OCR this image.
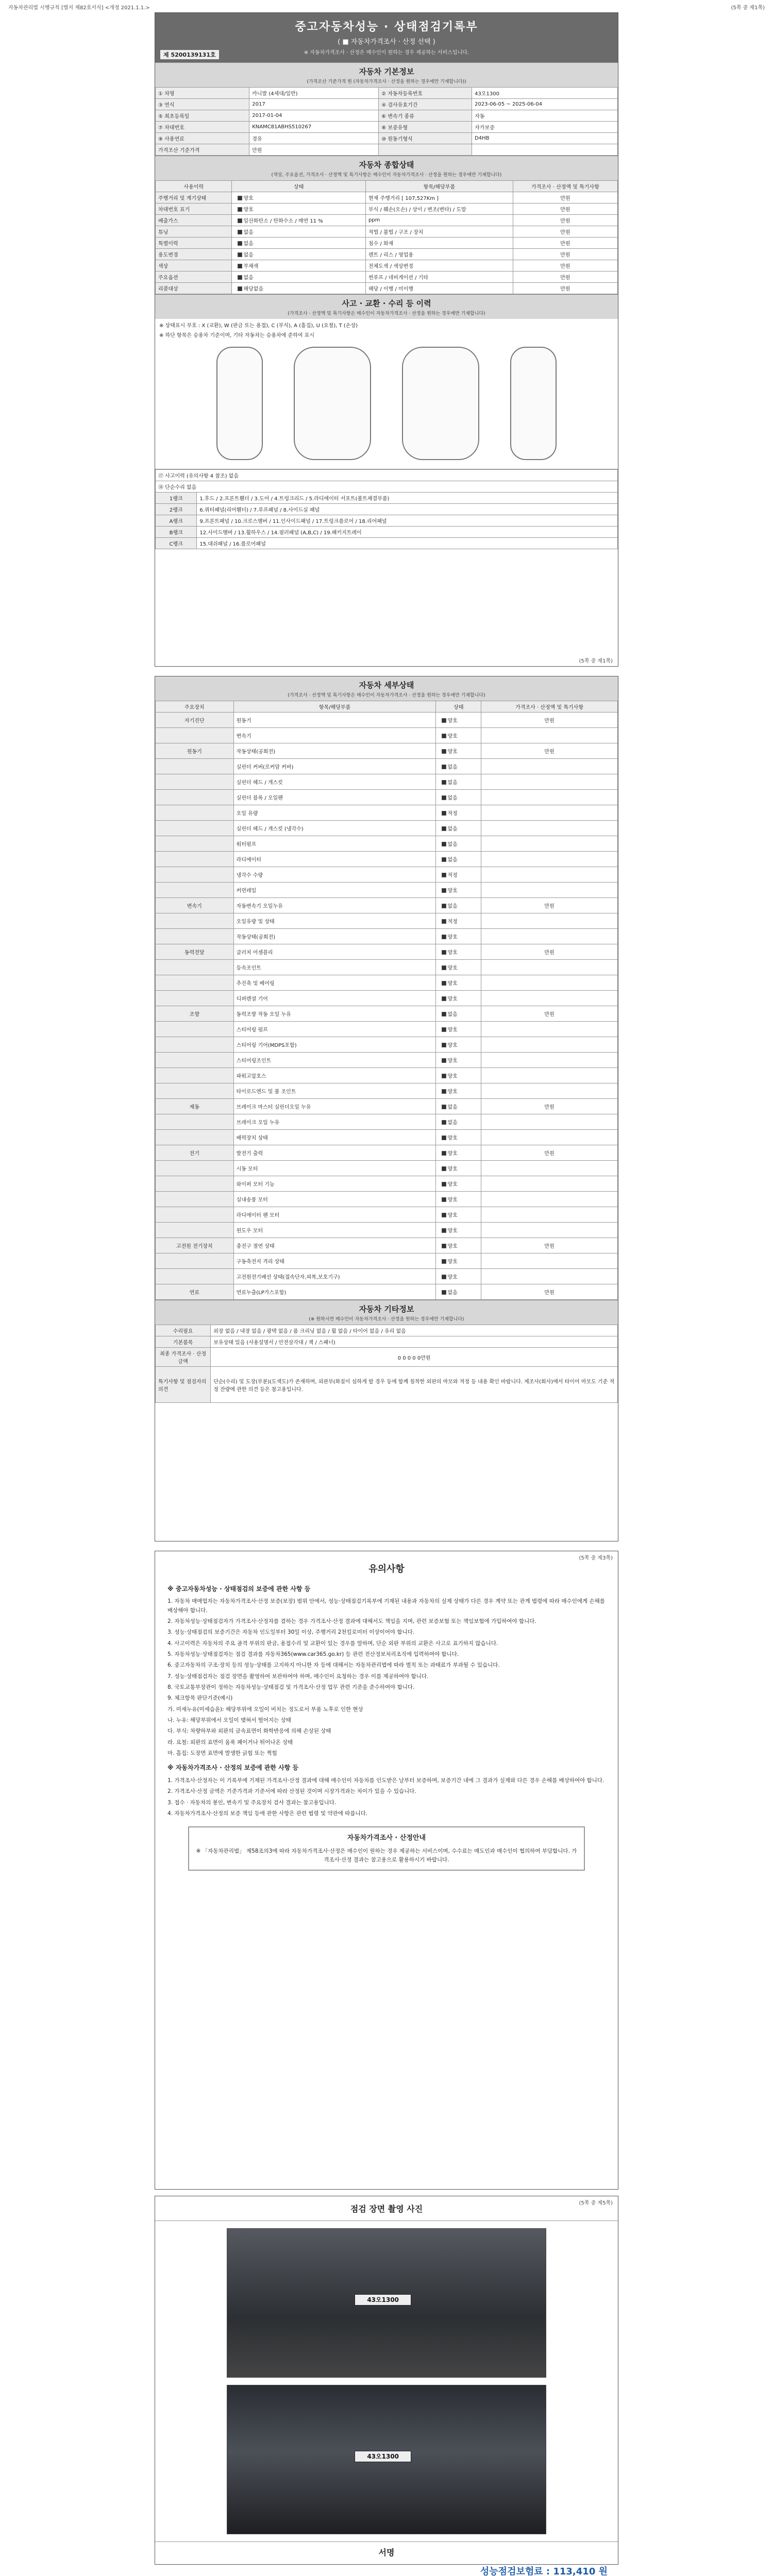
자동차관리법 시행규칙 [별지 제82호서식] <개정 2021.1.1.>	(5쪽 중 제1쪽)
중고자동차성능 · 상태점검기록부
( ■ 자동차가격조사 · 산정 선택 )
※ 자동차가격조사 · 산정은 매수인이 원하는 경우 제공하는 서비스입니다.
제 5200139131호
자동차 기본정보
(가격조산 기준가격 원 (자동차가격조사 · 산정을 원하는 경우에만 기재합니다))
① 차명	카니발 (4세대/일반)	② 자동차등록번호	43오1300
③ 연식	2017	④ 검사유효기간	2023-06-05 ~ 2025-06-04
⑤ 최초등록일	2017-01-04	⑥ 변속기 종류	자동
⑦ 차대번호	KNAMC81ABHS510267	⑧ 보증유형	자가보증
⑨ 사용연료	경유	⑩ 원동기형식	D4HB
가격조산 기준가격	만원		
자동차 종합상태
(색상, 주요옵션, 가격조사 · 산정액 및 특기사항은 매수인이 자동차가격조사 · 산정을 원하는 경우에만 기재합니다)
사용이력	상태	항목/해당부품	가격조사 · 산정액 및 특기사항
주행거리 및 계기상태	양호	현재 주행거리 [ 107,527Km ]	만원
차대번호 표기	양호	부식 / 훼손(오손) / 상이 / 변조(변타) / 도말	만원
배출가스	일산화탄소 / 탄화수소 / 매연 11 %	ppm	만원
튜닝	없음	적법 / 불법 / 구조 / 장치	만원
특별이력	없음	침수 / 화재	만원
용도변경	없음	렌트 / 리스 / 영업용	만원
색상	무채색	전체도색 / 색상변경	만원
주요옵션	없음	썬루프 / 네비게이션 / 기타	만원
리콜대상	해당없음	해당 / 이행 / 미이행	만원
사고 · 교환 · 수리 등 이력
(가격조사 · 산정액 및 특기사항은 매수인이 자동차가격조사 · 산정을 원하는 경우에만 기재합니다)
※ 상태표시 부호 : X (교환), W (판금 또는 용접), C (부식), A (흠집), U (요철), T (손상)
※ 하단 항목은 승용차 기준이며, 기타 자동차는 승용차에 준하여 표시
⑰ 사고이력 (유의사항 4 참조) 없음	
⑱ 단순수리 없음	
1랭크	1.후드 / 2.프론트휀더 / 3.도어 / 4.트렁크리드 / 5.라디에이터 서포트(볼트체결부품)
2랭크	6.쿼터패널(리어휀더) / 7.루프패널 / 8.사이드실 패널
A랭크	9.프론트패널 / 10.크로스멤버 / 11.인사이드패널 / 17.트렁크플로어 / 18.리어패널
B랭크	12.사이드멤버 / 13.휠하우스 / 14.필러패널 (A,B,C) / 19.패키지트레이
C랭크	15.대쉬패널 / 16.플로어패널
(5쪽 중 제1쪽)
자동차 세부상태
(가격조사 · 산정액 및 특기사항은 매수인이 자동차가격조사 · 산정을 원하는 경우에만 기재합니다)
주요장치	항목/해당부품	상태	가격조사 · 산정액 및 특기사항
자기진단	원동기	양호	만원
	변속기	양호	
원동기	작동상태(공회전)	양호	만원
	실린더 커버(로커암 커버)	없음	
	실린더 헤드 / 개스킷	없음	
	실린더 블록 / 오일팬	없음	
	오일 유량	적정	
	실린더 헤드 / 개스킷 (냉각수)	없음	
	워터펌프	없음	
	라디에이터	없음	
	냉각수 수량	적정	
	커먼레일	양호	
변속기	자동변속기 오일누유	없음	만원
	오일유량 및 상태	적정	
	작동상태(공회전)	양호	
동력전달	클러치 어셈블리	양호	만원
	등속조인트	양호	
	추진축 및 베어링	양호	
	디퍼렌셜 기어	양호	
조향	동력조향 작동 오일 누유	없음	만원
	스티어링 펌프	양호	
	스티어링 기어(MDPS포함)	양호	
	스티어링조인트	양호	
	파워고압호스	양호	
	타이로드엔드 및 볼 조인트	양호	
제동	브레이크 마스터 실린더오일 누유	없음	만원
	브레이크 오일 누유	없음	
	배력장치 상태	양호	
전기	발전기 출력	양호	만원
	시동 모터	양호	
	와이퍼 모터 기능	양호	
	실내송풍 모터	양호	
	라디에이터 팬 모터	양호	
	윈도우 모터	양호	
고전원 전기장치	충전구 절연 상태	양호	만원
	구동축전지 격리 상태	양호	
	고전원전기배선 상태(접속단자,피복,보호기구)	양호	
연료	연료누출(LP가스포함)	없음	만원
자동차 기타정보
(※ 원하시면 매수인이 자동차가격조사 · 산정을 원하는 경우에만 기재합니다)
수리필요	외장 없음 / 내장 없음 / 광택 없음 / 룸 크리닝 없음 / 휠 없음 / 타이어 없음 / 유리 없음
기본품목	보유상태 있음 (사용설명서 / 안전삼각대 / 잭 / 스패너)
최종 가격조사 · 산정 금액	0 0 0 0 0만원
특기사항 및 점검자의 의견	단순(수리) 및 도장(부분)(도색도)가 존재하며, 외판부(화질이 심하게 할 경우 등에 함께 침착한 외판의 마모와 적정 등 내용 확인 바랍니다. 제조사(회사)에서 타이어 마모도 기준 적정 잔량에 관한 의견 등은 참고용입니다.
유의사항
※ 중고자동차성능 · 상태점검의 보증에 관한 사항 등

1. 자동차 매매업자는 자동차가격조사·산정 보증(보장) 범위 안에서, 성능·상태점검기록부에 기재된 내용과 자동차의 실제 상태가 다른 경우 계약 또는 관계 법령에 따라 매수인에게 손해를 배상해야 합니다.

2. 자동차성능·상태점검자가 가격조사·산정자를 겸하는 경우 가격조사·산정 결과에 대해서도 책임을 지며, 관련 보증보험 또는 책임보험에 가입하여야 합니다.

3. 성능·상태점검의 보증기간은 자동차 인도일부터 30일 이상, 주행거리 2천킬로미터 이상이어야 합니다.

4. 사고이력은 자동차의 주요 골격 부위의 판금, 용접수리 및 교환이 있는 경우를 말하며, 단순 외판 부위의 교환은 사고로 표기하지 않습니다.

5. 자동차성능·상태점검자는 점검 결과를 자동차365(www.car365.go.kr) 등 관련 전산정보처리조직에 입력하여야 합니다.

6. 중고자동차의 구조·장치 등의 성능·상태를 고지하지 아니한 자 등에 대해서는 자동차관리법에 따라 벌칙 또는 과태료가 부과될 수 있습니다.

7. 성능·상태점검자는 점검 장면을 촬영하여 보관하여야 하며, 매수인이 요청하는 경우 이를 제공하여야 합니다.

8. 국토교통부장관이 정하는 자동차성능·상태점검 및 가격조사·산정 업무 관련 기준을 준수하여야 합니다.

9. 체크항목 판단기준(예시)

가. 미세누유(미세습윤): 해당부위에 오일이 비치는 정도로서 부품 노후로 인한 현상

나. 누유: 해당부위에서 오일이 맺혀서 떨어지는 상태

다. 부식: 차량하부와 외판의 금속표면이 화학반응에 의해 손상된 상태

라. 요철: 외판의 표면이 움푹 패이거나 튀어나온 상태

마. 흠집: 도장면 표면에 발생한 긁힘 또는 찍힘

※ 자동차가격조사 · 산정의 보증에 관한 사항 등

1. 가격조사·산정자는 이 기록부에 기재된 가격조사·산정 결과에 대해 매수인이 자동차를 인도받은 날부터 보증하며, 보증기간 내에 그 결과가 실제와 다른 경우 손해를 배상하여야 합니다.

2. 가격조사·산정 금액은 기준가격과 기준서에 따라 산정된 것이며 시장가격과는 차이가 있을 수 있습니다.

3. 접수 · 자동차의 봉인, 변속기 및 주요장치 검사 결과는 참고용입니다.

4. 자동차가격조사·산정의 보증 책임 등에 관한 사항은 관련 법령 및 약관에 따릅니다.

자동차가격조사 · 산정안내
※ 「자동차관리법」 제58조의3에 따라 자동차가격조사·산정은 매수인이 원하는 경우 제공하는 서비스이며, 수수료는 매도인과 매수인이 협의하여 부담합니다. 가격조사·산정 결과는 참고용으로 활용하시기 바랍니다.
(5쪽 중 제3쪽)
점검 장면 촬영 사진
43오1300
43오1300
서명
성능점검보험료 : 113,410 원
(5쪽 중 제5쪽)
